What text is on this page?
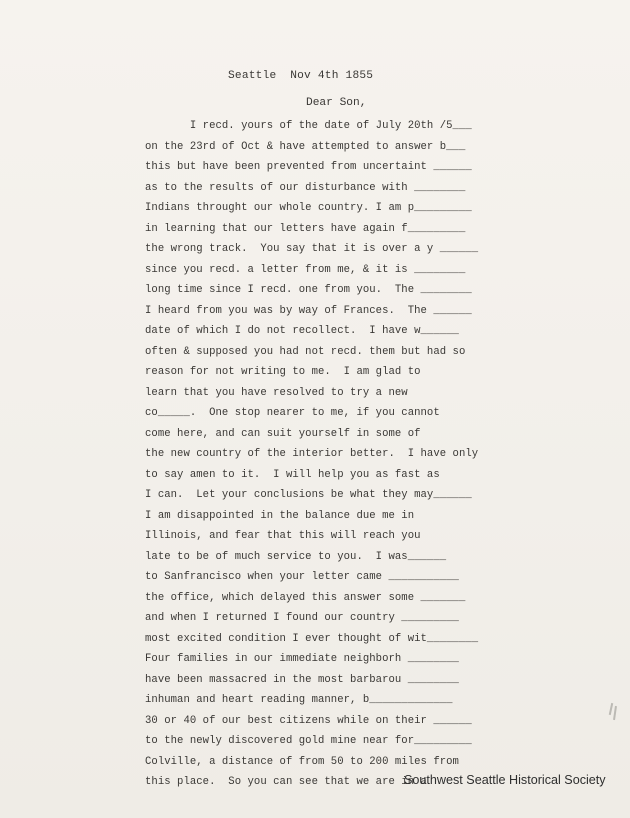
Seattle  Nov 4th 1855
Dear Son,
I recd. yours of the date of July 20th /5___
on the 23rd of Oct & have attempted to answer b___
this but have been prevented from uncertaint ______
as to the results of our disturbance with ________
Indians throught our whole country. I am p_________
in learning that our letters have again f_________
the wrong track.  You say that it is over a y ______
since you recd. a letter from me, & it is ________
long time since I recd. one from you.  The ________
I heard from you was by way of Frances.  The ______
date of which I do not recollect.  I have w______
often & supposed you had not recd. them but had so
reason for not writing to me.  I am glad to
learn that you have resolved to try a new
co_____.  One stop nearer to me, if you cannot
come here, and can suit yourself in some of
the new country of the interior better.  I have only
to say amen to it.  I will help you as fast as
I can.  Let your conclusions be what they may______
I am disappointed in the balance due me in
Illinois, and fear that this will reach you
late to be of much service to you.  I was______
to Sanfrancisco when your letter came ___________
the office, which delayed this answer some _______
and when I returned I found our country _________
most excited condition I ever thought of wit________
Four families in our immediate neighborh ________
have been massacred in the most barbarou ________
inhuman and heart reading manner, b_____________
30 or 40 of our best citizens while on their ______
to the newly discovered gold mine near for_________
Colville, a distance of from 50 to 200 miles from
this place.  So you can see that we are in a
Southwest Seattle Historical Society
